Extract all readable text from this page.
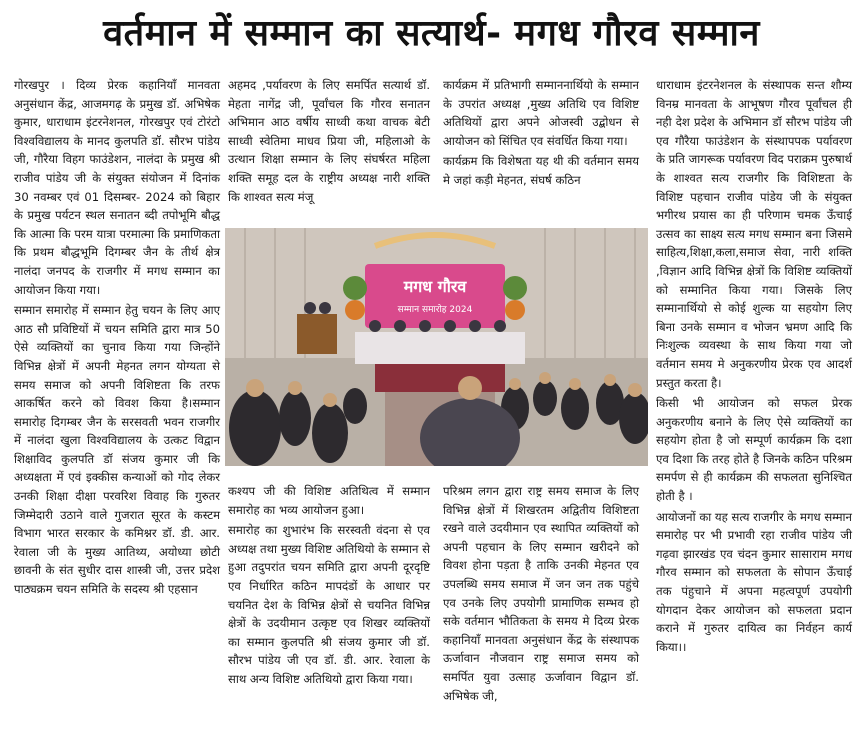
वर्तमान में सम्मान का सत्यार्थ- मगध गौरव सम्मान

गोरखपुर । दिव्य प्रेरक कहानियाँ मानवता अनुसंधान केंद्र, आजमगढ़ के प्रमुख डॉ. अभिषेक कुमार, धाराधाम इंटरनेशनल, गोरखपुर एवं टोरंटो विश्वविद्यालय के मानद कुलपति डॉ. सौरभ पांडेय जी, गौरैया विहग फाउंडेशन, नालंदा के प्रमुख श्री राजीव पांडेय जी के संयुक्त संयोजन में दिनांक 30 नवम्बर एवं 01 दिसम्बर- 2024 को बिहार के प्रमुख पर्यटन स्थल सनातन ब्दी तपोभूमि बौद्ध कि आत्मा कि परम यात्रा परमात्मा कि प्रमाणिकता कि प्रथम बौद्धभूमि दिगम्बर जैन के तीर्थ क्षेत्र नालंदा जनपद के राजगीर में मगध सम्मान का आयोजन किया गया।

सम्मान समारोह में सम्मान हेतु चयन के लिए आए आठ सौ प्रविष्टियों में चयन समिति द्वारा मात्र 50 ऐसे व्यक्तियों का चुनाव किया गया जिन्होंने विभिन्न क्षेत्रों में अपनी मेहनत लगन योग्यता से समय समाज को अपनी विशिष्टता कि तरफ आकर्षित करने को विवश किया है।सम्मान समारोह दिगम्बर जैन के सरसवती भवन राजगीर में नालंदा खुला विश्वविद्यालय के उत्कट विद्वान शिक्षाविद कुलपति डॉ संजय कुमार जी कि अध्यक्षता में एवं इक्कीस कन्याओं को गोद लेकर उनकी शिक्षा दीक्षा परवरिश विवाह कि गुरुतर जिम्मेदारी उठाने वाले गुजरात सूरत के कस्टम विभाग भारत सरकार के कमिश्नर डॉ. डी. आर. रेवाला जी के मुख्य आतिथ्य, अयोध्या छोटी छावनी के संत सुधीर दास शास्त्री जी, उत्तर प्रदेश पाठ्यक्रम चयन समिति के सदस्य श्री एहसान

अहमद ,पर्यावरण के लिए समर्पित सत्यार्थ डॉ. मेहता नागेंद्र जी, पूर्वांचल कि गौरव सनातन अभिमान आठ वर्षीय साध्वी कथा वाचक बेटी साध्वी स्वेतिमा माधव प्रिया जी, महिलाओ के उत्थान शिक्षा सम्मान के लिए संघर्षरत महिला शक्ति समूह दल के राष्ट्रीय अध्यक्ष नारी शक्ति कि शाश्वत सत्य मंजू

कार्यक्रम में प्रतिभागी सम्माननार्थियो के सम्मान के उपरांत अध्यक्ष ,मुख्य अतिथि एव विशिष्ट अतिथियों द्वारा अपने ओजस्वी उद्बोधन से आयोजन को सिंचित एव संवर्धित किया गया।

कार्यक्रम कि विशेषता यह थी की वर्तमान समय मे जहां कड़ी मेहनत, संघर्ष कठिन

धाराधाम इंटरनेशनल के संस्थापक सन्त शौम्य विनम्र मानवता के आभूषण गौरव पूर्वांचल ही नही देश प्रदेश के अभिमान डॉ सौरभ पांडेय जी एव गौरैया फाउंडेशन के संस्थापपक पर्यावरण के प्रति जागरूक पर्यावरण विद पराक्रम पुरुषार्थ के शाश्वत सत्य राजगीर कि विशिष्टता के विशिष्ट पहचान राजीव पांडेय जी के संयुक्त भगीरथ प्रयास का ही परिणाम चमक ऊँचाई उत्सव का साक्ष्य सत्य मगध सम्मान बना जिसमे साहित्य,शिक्षा,कला,समाज सेवा, नारी शक्ति ,विज्ञान आदि विभिन्न क्षेत्रों कि विशिष्ट व्यक्तियों को सम्मानित किया गया। जिसके लिए सम्मानार्थियो से कोई शुल्क या सहयोग लिए बिना उनके सम्मान व भोजन भ्रमण आदि कि निःशुल्क व्यवस्था के साथ किया गया जो वर्तमान समय मे अनुकरणीय प्रेरक एव आदर्श प्रस्तुत करता है।

किसी भी आयोजन को सफल प्रेरक अनुकरणीय बनाने के लिए ऐसे व्यक्तियों का सहयोग होता है जो सम्पूर्ण कार्यक्रम कि दशा एव दिशा कि तरह होते है जिनके कठिन परिश्रम समर्पण से ही कार्यक्रम की सफलता सुनिश्चित होती है ।

आयोजनों का यह सत्य राजगीर के मगध सम्मान समारोह पर भी प्रभावी रहा राजीव पांडेय जी गढ़वा झारखंड एव चंदन कुमार सासाराम मगध गौरव सम्मान को सफलता के सोपान ऊँचाई तक पंहुचाने में अपना महत्वपूर्ण उपयोगी योगदान देकर आयोजन को सफलता प्रदान कराने में गुरुतर दायित्व का निर्वहन कार्य किया।।

मगध गौरव
सम्मान समारोह 2024

कश्यप जी की विशिष्ट अतिथित्व में सम्मान समारोह का भव्य आयोजन हुआ।

समारोह का शुभारंभ कि सरस्वती वंदना से एव अध्यक्ष तथा मुख्य विशिष्ट अतिथियो के सम्मान से हुआ तदुपरांत चयन समिति द्वारा अपनी दूरदृष्टि एव निर्धारित कठिन मापदंडों के आधार पर चयनित देश के विभिन्न क्षेत्रों से चयनित विभिन्न क्षेत्रों के उदयीमान उत्कृष्ट एव शिखर व्यक्तियों का सम्मान कुलपति श्री संजय कुमार जी डॉ. सौरभ पांडेय जी एव डॉ. डी. आर. रेवाला के साथ अन्य विशिष्ट अतिथियो द्वारा किया गया।

परिश्रम लगन द्वारा राष्ट्र समय समाज के लिए विभिन्न क्षेत्रों में शिखरतम अद्वितीय विशिष्टता रखने वाले उदयीमान एव स्थापित व्यक्तियों को अपनी पहचान के लिए सम्मान खरीदने को विवश होना पड़ता है ताकि उनकी मेहनत एव उपलब्धि समय समाज में जन जन तक पहुंचे एव उनके लिए उपयोगी प्रामाणिक सम्भव हो सके वर्तमान भौतिकता के समय मे दिव्य प्रेरक कहानियाँ मानवता अनुसंधान केंद्र के संस्थापक ऊर्जावान नौजवान राष्ट्र समाज समय को समर्पित युवा उत्साह ऊर्जावान विद्वान डॉ. अभिषेक जी,
